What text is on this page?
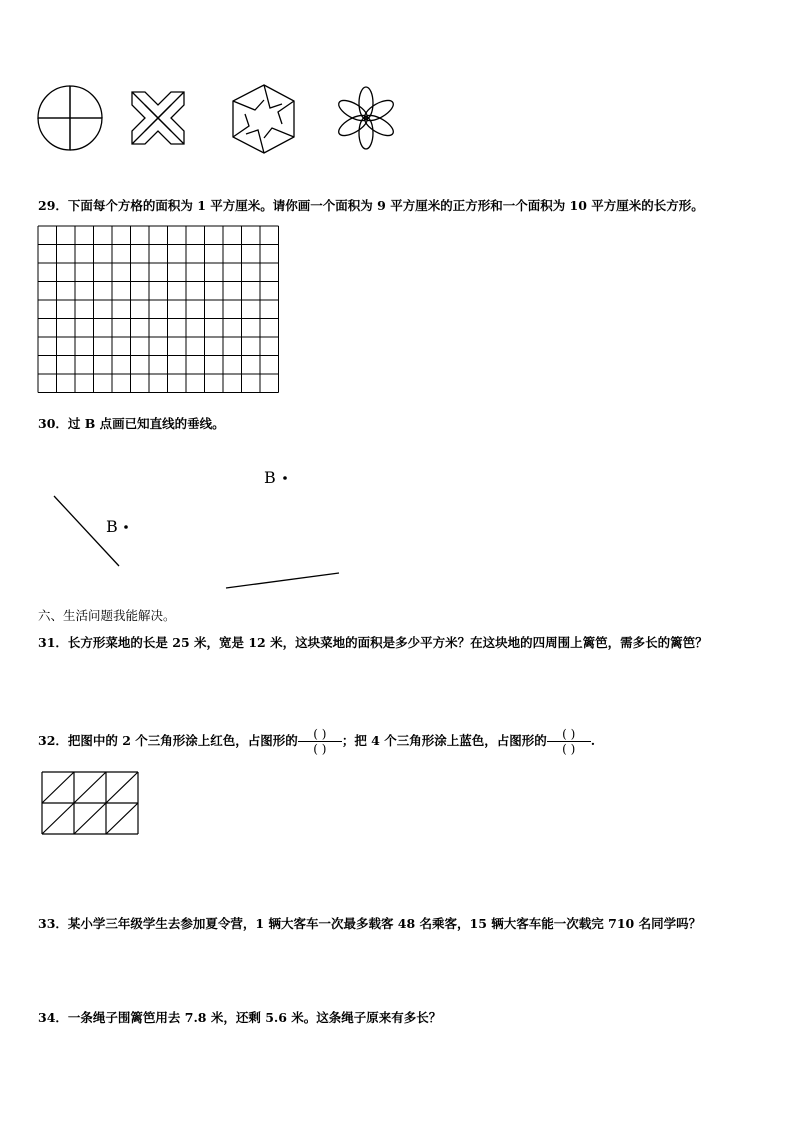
29．下面每个方格的面积为 1 平方厘米。请你画一个面积为 9 平方厘米的正方形和一个面积为 10 平方厘米的长方形。
30．过 B 点画已知直线的垂线。
B
B
六、生活问题我能解决。
31．长方形菜地的长是 25 米，宽是 12 米，这块菜地的面积是多少平方米？在这块地的四周围上篱笆，需多长的篱笆？
32．把图中的 2 个三角形涂上红色，占图形的 $\frac{( )}{( )}$ ；把 4 个三角形涂上蓝色，占图形的 $\frac{( )}{( )}$ .
33．某小学三年级学生去参加夏令营，1 辆大客车一次最多载客 48 名乘客，15 辆大客车能一次载完 710 名同学吗？
34．一条绳子围篱笆用去 7.8 米，还剩 5.6 米。这条绳子原来有多长？
